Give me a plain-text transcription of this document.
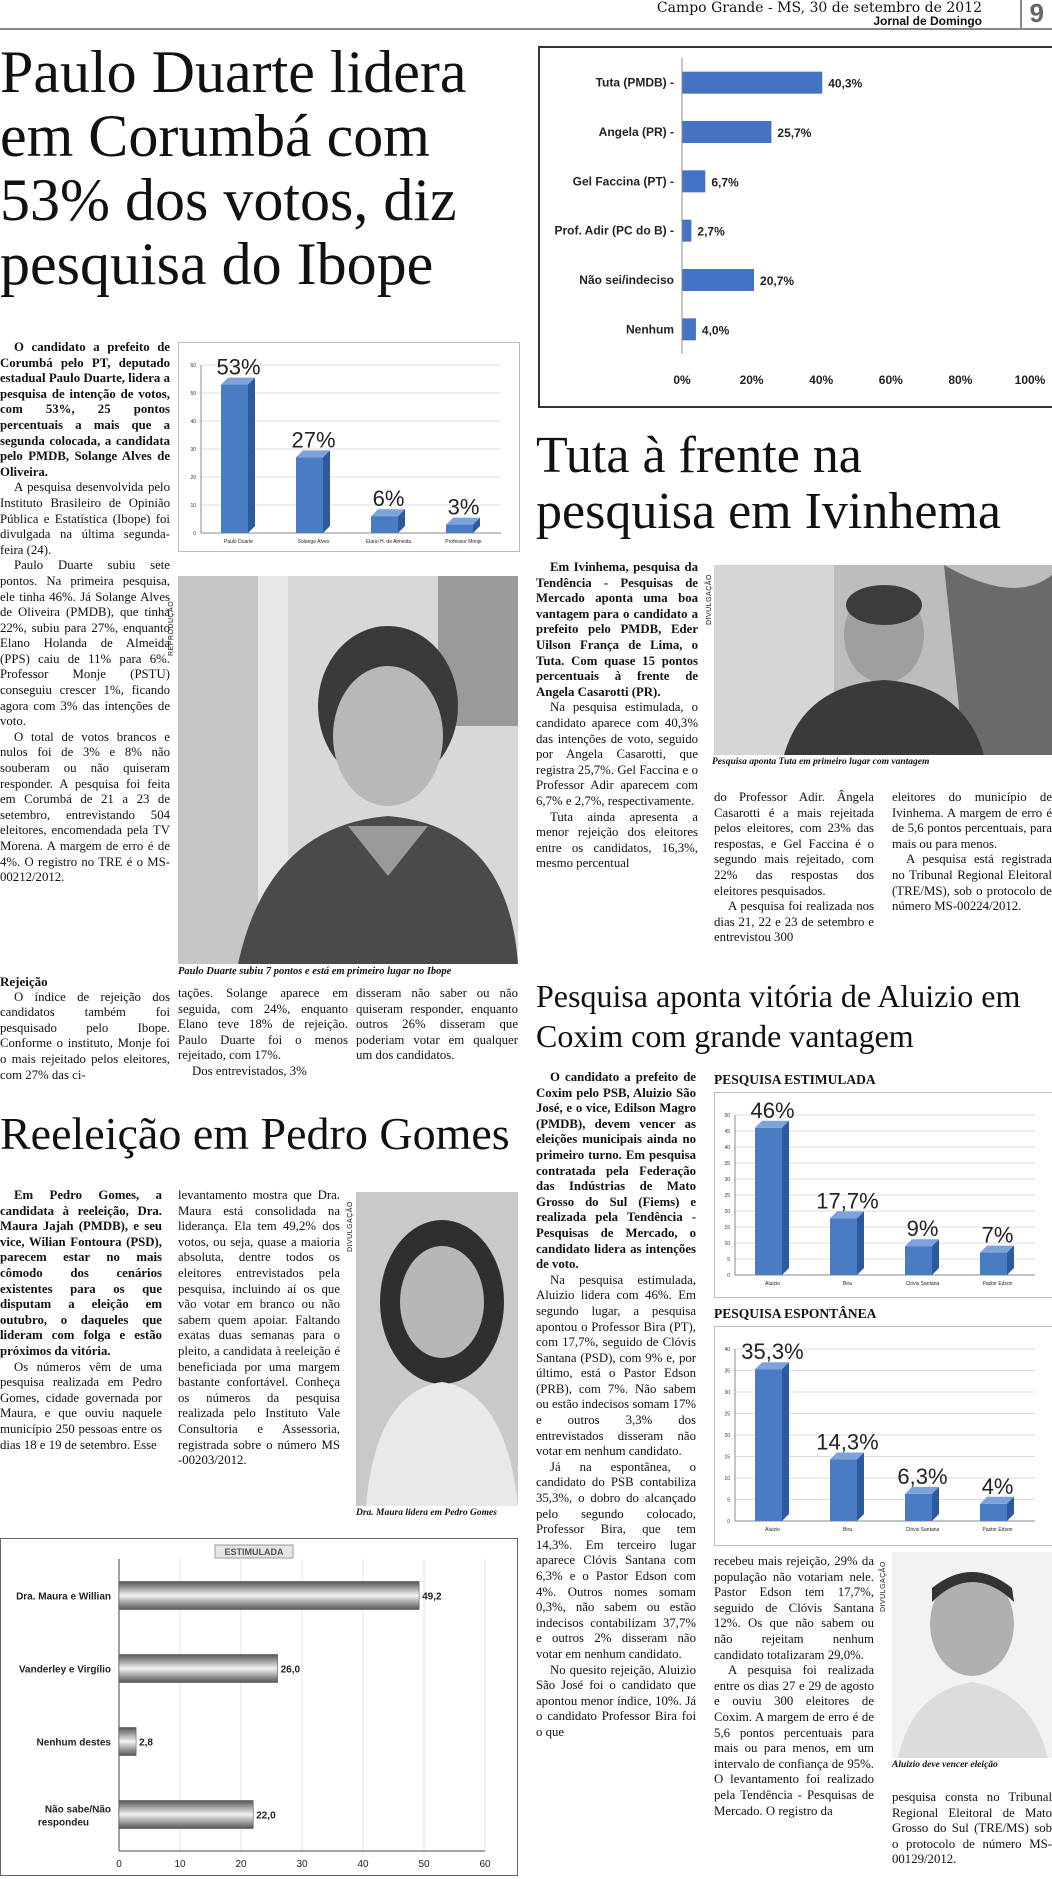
Campo Grande - MS, 30 de setembro de 2012
Jornal de Domingo	9
Paulo Duarte lidera em Corumbá com 53% dos votos, diz pesquisa do Ibope

O candidato a prefeito de Corumbá pelo PT, deputado estadual Paulo Duarte, lidera a pesquisa de intenção de votos, com 53%, 25 pontos percentuais a mais que a segunda colocada, a candidata pelo PMDB, Solange Alves de Oliveira.

A pesquisa desenvolvida pelo Instituto Brasileiro de Opinião Pública e Estatística (Ibope) foi divulgada na última segunda-feira (24).

Paulo Duarte subiu sete pontos. Na primeira pesquisa, ele tinha 46%. Já Solange Alves de Oliveira (PMDB), que tinha 22%, subiu para 27%, enquanto Elano Holanda de Almeida (PPS) caiu de 11% para 6%. Professor Monje (PSTU) conseguiu crescer 1%, ficando agora com 3% das intenções de voto.

O total de votos brancos e nulos foi de 3% e 8% não souberam ou não quiseram responder. A pesquisa foi feita em Corumbá de 21 a 23 de setembro, entrevistando 504 eleitores, encomendada pela TV Morena. A margem de erro é de 4%. O registro no TRE é o MS-00212/2012.

Rejeição

O índice de rejeição dos candidatos também foi pesquisado pelo Ibope. Conforme o instituto, Monje foi o mais rejeitado pelos eleitores, com 27% das ci-

tações. Solange aparece em seguida, com 24%, enquanto Elano teve 18% de rejeição. Paulo Duarte foi o menos rejeitado, com 17%.

Dos entrevistados, 3%

disseram não saber ou não quiseram responder, enquanto outros 26% disseram que poderiam votar em qualquer um dos candidatos.

0
10
20
30
40
50
60 53%
Paulo Duarte
27%
Solange Alves
6%
Elano H. de Almeida
3%
Professor Monje
REPRODUÇÃO
Paulo Duarte subiu 7 pontos e está em primeiro lugar no Ibope
Tuta (PMDB) -	40,3%
Angela (PR) -	25,7%
Gel Faccina (PT) -	6,7%
Prof. Adir (PC do B) - 2,7%
Não sei/indeciso	20,7%
Nenhum 4,0%
0%	20%	40%	60%	80%	100%
Tuta à frente na pesquisa em Ivinhema

Em Ivinhema, pesquisa da Tendência - Pesquisas de Mercado aponta uma boa vantagem para o candidato a prefeito pelo PMDB, Eder Uilson França de Lima, o Tuta. Com quase 15 pontos percentuais à frente de Angela Casarotti (PR).

Na pesquisa estimulada, o candidato aparece com 40,3% das intenções de voto, seguido por Angela Casarotti, que registra 25,7%. Gel Faccina e o Professor Adir aparecem com 6,7% e 2,7%, respectivamente.

Tuta ainda apresenta a menor rejeição dos eleitores entre os candidatos, 16,3%, mesmo percentual

DIVULGAÇÃO
Pesquisa aponta Tuta em primeiro lugar com vantagem

do Professor Adir. Ângela Casarotti é a mais rejeitada pelos eleitores, com 23% das respostas, e Gel Faccina é o segundo mais rejeitado, com 22% das respostas dos eleitores pesquisados.

A pesquisa foi realizada nos dias 21, 22 e 23 de setembro e entrevistou 300

eleitores do município de Ivinhema. A margem de erro é de 5,6 pontos percentuais, para mais ou para menos.

A pesquisa está registrada no Tribunal Regional Eleitoral (TRE/MS), sob o protocolo de número MS-00224/2012.

Reeleição em Pedro Gomes

Em Pedro Gomes, a candidata à reeleição, Dra. Maura Jajah (PMDB), e seu vice, Wilian Fontoura (PSD), parecem estar no mais cômodo dos cenários existentes para os que disputam a eleição em outubro, o daqueles que lideram com folga e estão próximos da vitória.

Os números vêm de uma pesquisa realizada em Pedro Gomes, cidade governada por Maura, e que ouviu naquele município 250 pessoas entre os dias 18 e 19 de setembro. Esse

levantamento mostra que Dra. Maura está consolidada na liderança. Ela tem 49,2% dos votos, ou seja, quase a maioria absoluta, dentre todos os eleitores entrevistados pela pesquisa, incluindo aí os que vão votar em branco ou não sabem quem apoiar. Faltando exatas duas semanas para o pleito, a candidata à reeleição é beneficiada por uma margem bastante confortável. Conheça os números da pesquisa realizada pelo Instituto Vale Consultoria e Assessoria, registrada sobre o número MS -00203/2012.

DIVULGAÇÃO
Dra. Maura lidera em Pedro Gomes
ESTIMULADA
0	10	20	30	40	50	60
Dra. Maura e Willian	49,2
Vanderley e Virgílio	26,0
Nenhum destes	2,8
Não sabe/Não
respondeu
22,0
Pesquisa aponta vitória de Aluizio em Coxim com grande vantagem

O candidato a prefeito de Coxim pelo PSB, Aluizio São José, e o vice, Edilson Magro (PMDB), devem vencer as eleições municipais ainda no primeiro turno. Em pesquisa contratada pela Federação das Indústrias de Mato Grosso do Sul (Fiems) e realizada pela Tendência - Pesquisas de Mercado, o candidato lidera as intenções de voto.

Na pesquisa estimulada, Aluizio lidera com 46%. Em segundo lugar, a pesquisa apontou o Professor Bira (PT), com 17,7%, seguido de Clóvis Santana (PSD), com 9% e, por último, está o Pastor Edson (PRB), com 7%. Não sabem ou estão indecisos somam 17% e outros 3,3% dos entrevistados disseram não votar em nenhum candidato.

Já na espontânea, o candidato do PSB contabiliza 35,3%, o dobro do alcançado pelo segundo colocado, Professor Bira, que tem 14,3%. Em terceiro lugar aparece Clóvis Santana com 6,3% e o Pastor Edson com 4%. Outros nomes somam 0,3%, não sabem ou estão indecisos contabilizam 37,7% e outros 2% disseram não votar em nenhum candidato.

No quesito rejeição, Aluizio São José foi o candidato que apontou menor índice, 10%. Já o candidato Professor Bira foi o que

PESQUISA ESTIMULADA
0
5
10
15
20
25
30
35
40
45
50 46%
Aluizio
17,7%
Bira
9%
Clóvis Santana
7%
Pastor Edson
PESQUISA ESPONTÂNEA
0
5
10
15
20
25
30
35
40 35,3%
Aluizio
14,3%
Bira
6,3%
Clóvis Santana
4%
Pastor Edson

recebeu mais rejeição, 29% da população não votariam nele. Pastor Edson tem 17,7%, seguido de Clóvis Santana 12%. Os que não sabem ou não rejeitam nenhum candidato totalizaram 29,0%.

A pesquisa foi realizada entre os dias 27 e 29 de agosto e ouviu 300 eleitores de Coxim. A margem de erro é de 5,6 pontos percentuais para mais ou para menos, em um intervalo de confiança de 95%. O levantamento foi realizado pela Tendência - Pesquisas de Mercado. O registro da

DIVULGAÇÃO
Aluizio deve vencer eleição

pesquisa consta no Tribunal Regional Eleitoral de Mato Grosso do Sul (TRE/MS) sob o protocolo de número MS-00129/2012.
